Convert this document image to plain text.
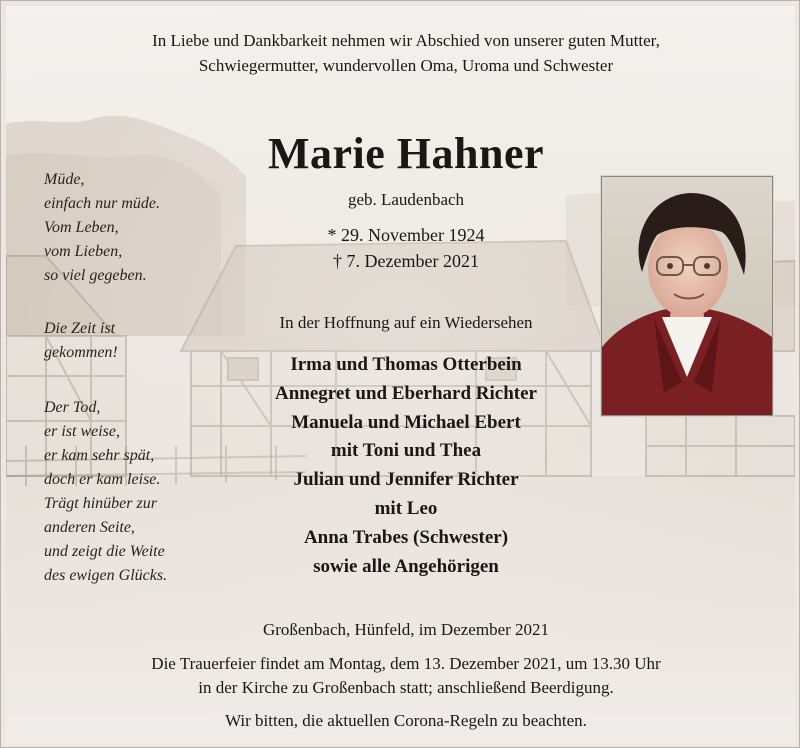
In Liebe und Dankbarkeit nehmen wir Abschied von unserer guten Mutter,
Schwiegermutter, wundervollen Oma, Uroma und Schwester
Marie Hahner
geb. Laudenbach
* 29. November 1924
† 7. Dezember 2021
Müde,
einfach nur müde.
Vom Leben,
vom Lieben,
so viel gegeben.
Die Zeit ist
gekommen!
Der Tod,
er ist weise,
er kam sehr spät,
doch er kam leise.
Trägt hinüber zur
anderen Seite,
und zeigt die Weite
des ewigen Glücks.
In der Hoffnung auf ein Wiedersehen
Irma und Thomas Otterbein
Annegret und Eberhard Richter
Manuela und Michael Ebert
mit Toni und Thea
Julian und Jennifer Richter
mit Leo
Anna Trabes (Schwester)
sowie alle Angehörigen
Großenbach, Hünfeld, im Dezember 2021
Die Trauerfeier findet am Montag, dem 13. Dezember 2021, um 13.30 Uhr
in der Kirche zu Großenbach statt; anschließend Beerdigung.
Wir bitten, die aktuellen Corona-Regeln zu beachten.
